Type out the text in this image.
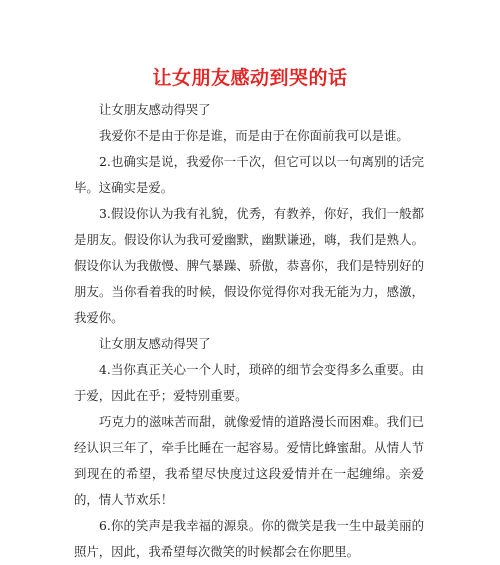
让女朋友感动到哭的话

让女朋友感动得哭了

我爱你不是由于你是谁，而是由于在你面前我可以是谁。

2.也确实是说，我爱你一千次，但它可以以一句离别的话完毕。这确实是爱。

3.假设你认为我有礼貌，优秀，有教养，你好，我们一般都是朋友。假设你认为我可爱幽默，幽默谦逊，嗨，我们是熟人。假设你认为我傲慢、脾气暴躁、骄傲，恭喜你，我们是特别好的朋友。当你看着我的时候，假设你觉得你对我无能为力，感激，我爱你。

让女朋友感动得哭了

4.当你真正关心一个人时，琐碎的细节会变得多么重要。由于爱，因此在乎；爱特别重要。

巧克力的滋味苦而甜，就像爱情的道路漫长而困难。我们已经认识三年了，牵手比睡在一起容易。爱情比蜂蜜甜。从情人节到现在的希望，我希望尽快度过这段爱情并在一起缠绵。亲爱的，情人节欢乐！

6.你的笑声是我幸福的源泉。你的微笑是我一生中最美丽的照片，因此，我希望每次微笑的时候都会在你肥里。
